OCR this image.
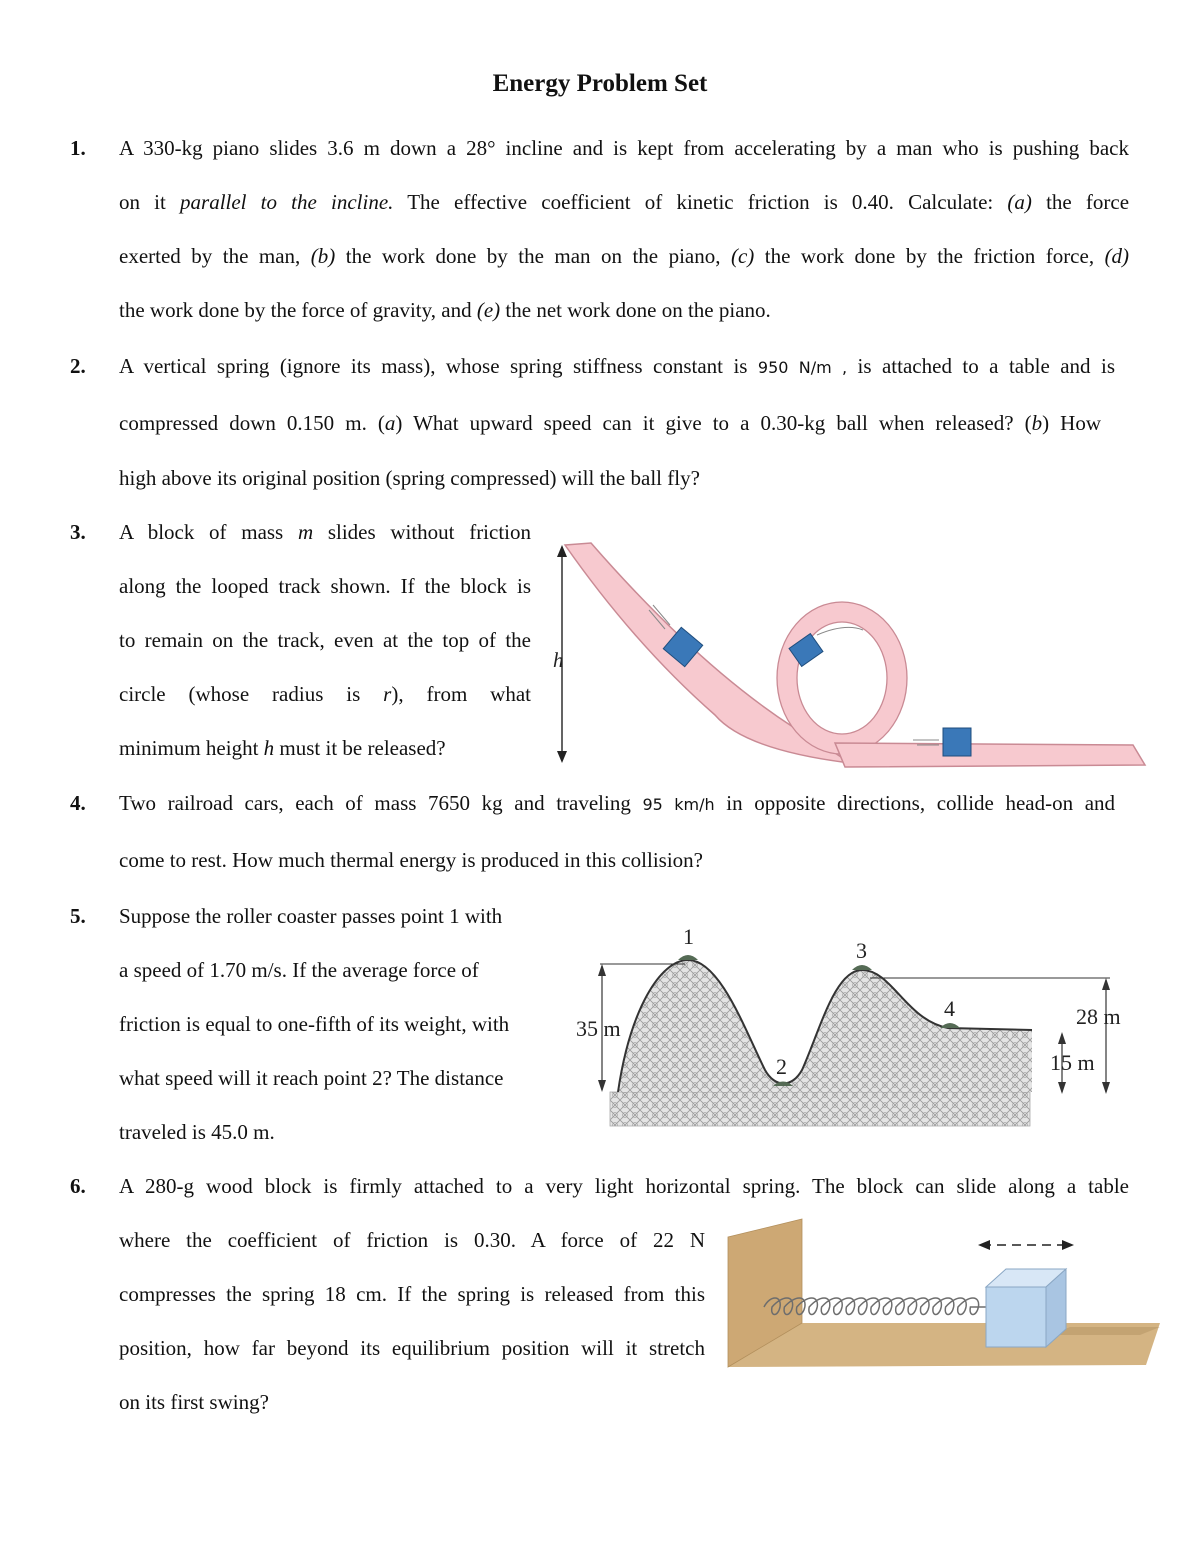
Energy Problem Set
1. A 330-kg piano slides 3.6 m down a 28° incline and is kept from accelerating by a man who is pushing back
on it parallel to the incline. The effective coefficient of kinetic friction is 0.40. Calculate: (a) the force
exerted by the man, (b) the work done by the man on the piano, (c) the work done by the friction force, (d)
the work done by the force of gravity, and (e) the net work done on the piano.
2. A vertical spring (ignore its mass), whose spring stiffness constant is 950 N/m , is attached to a table and is
compressed down 0.150 m. (a) What upward speed can it give to a 0.30-kg ball when released? (b) How
high above its original position (spring compressed) will the ball fly?
3. A block of mass m slides without friction
along the looped track shown. If the block is
to remain on the track, even at the top of the
circle (whose radius is r), from what
minimum height h must it be released?
h
4. Two railroad cars, each of mass 7650 kg and traveling 95 km/h in opposite directions, collide head-on and
come to rest. How much thermal energy is produced in this collision?
5. Suppose the roller coaster passes point 1 with
a speed of 1.70 m/s. If the average force of
friction is equal to one-fifth of its weight, with
what speed will it reach point 2? The distance
traveled is 45.0 m.
1
2
3
4
35 m	28 m
15 m
6. A 280-g wood block is firmly attached to a very light horizontal spring. The block can slide along a table
where the coefficient of friction is 0.30. A force of 22 N
compresses the spring 18 cm. If the spring is released from this
position, how far beyond its equilibrium position will it stretch
on its first swing?
